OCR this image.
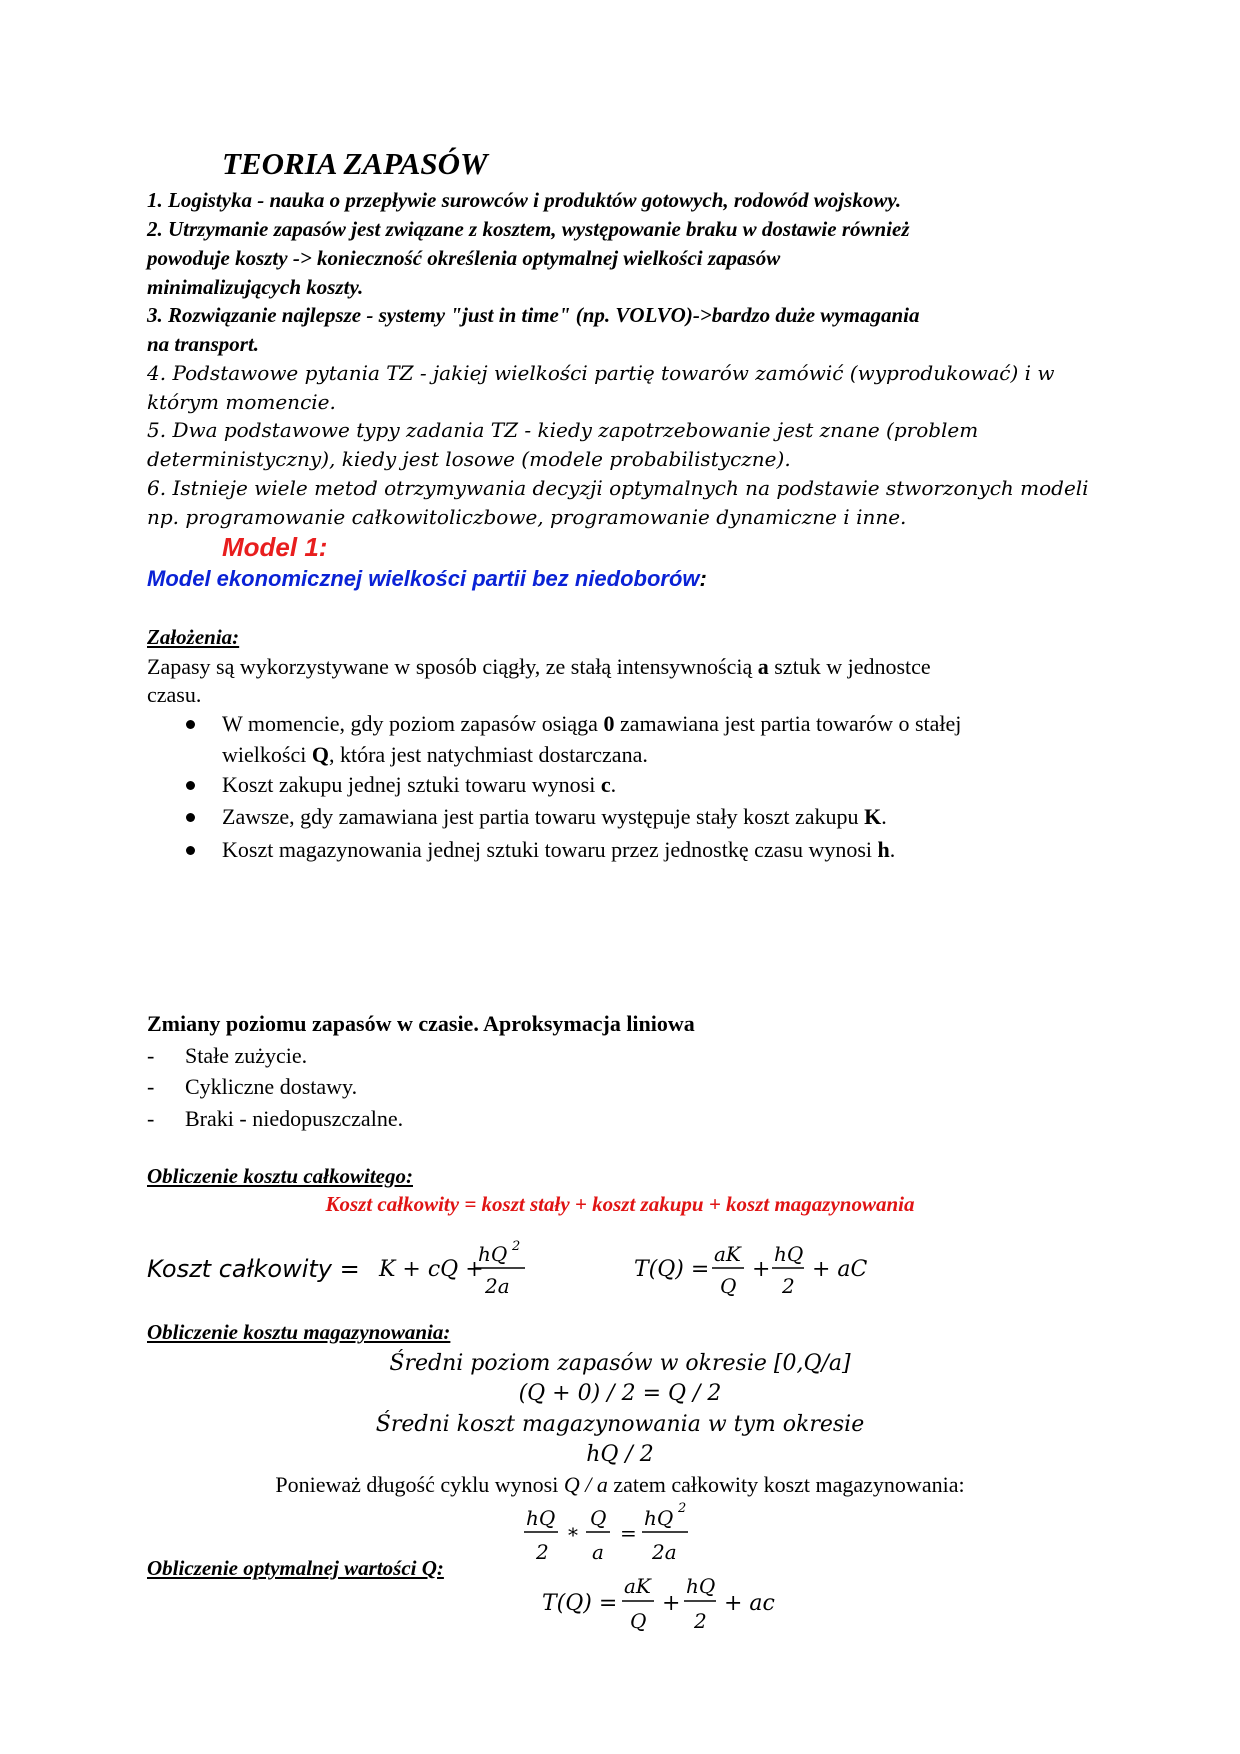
TEORIA ZAPASÓW
1. Logistyka - nauka o przepływie surowców i produktów gotowych, rodowód wojskowy.
2. Utrzymanie zapasów jest związane z kosztem, występowanie braku w dostawie również
powoduje koszty -> konieczność określenia optymalnej wielkości zapasów
minimalizujących koszty.
3. Rozwiązanie najlepsze - systemy "just in time" (np. VOLVO)->bardzo duże wymagania
na transport.
4. Podstawowe pytania TZ - jakiej wielkości partię towarów zamówić (wyprodukować) i w
którym momencie.
5. Dwa podstawowe typy zadania TZ - kiedy zapotrzebowanie jest znane (problem
deterministyczny), kiedy jest losowe (modele probabilistyczne).
6. Istnieje wiele metod otrzymywania decyzji optymalnych na podstawie stworzonych modeli
np. programowanie całkowitoliczbowe, programowanie dynamiczne i inne.
Model 1:
Model ekonomicznej wielkości partii bez niedoborów:
Założenia:
Zapasy są wykorzystywane w sposób ciągły, ze stałą intensywnością a sztuk w jednostce
czasu.
W momencie, gdy poziom zapasów osiąga 0 zamawiana jest partia towarów o stałej
wielkości Q, która jest natychmiast dostarczana.
Koszt zakupu jednej sztuki towaru wynosi c.
Zawsze, gdy zamawiana jest partia towaru występuje stały koszt zakupu K.
Koszt magazynowania jednej sztuki towaru przez jednostkę czasu wynosi h.
Zmiany poziomu zapasów w czasie. Aproksymacja liniowa
- Stałe zużycie.
- Cykliczne dostawy.
- Braki - niedopuszczalne.
Obliczenie kosztu całkowitego:
Koszt całkowity = koszt stały + koszt zakupu + koszt magazynowania
Koszt całkowity = K + cQ +
hQ 2
2a
T(Q) =
aK
Q
+
hQ
2
+ aC
Obliczenie kosztu magazynowania:
Średni poziom zapasów w okresie [0,Q/a]
(Q + 0) / 2 = Q / 2
Średni koszt magazynowania w tym okresie
hQ / 2
Ponieważ długość cyklu wynosi Q / a zatem całkowity koszt magazynowania:
hQ
2
*
Q
a
=
hQ 2
2a
Obliczenie optymalnej wartości Q:
T(Q) =
aK
Q
+
hQ
2
+ ac
